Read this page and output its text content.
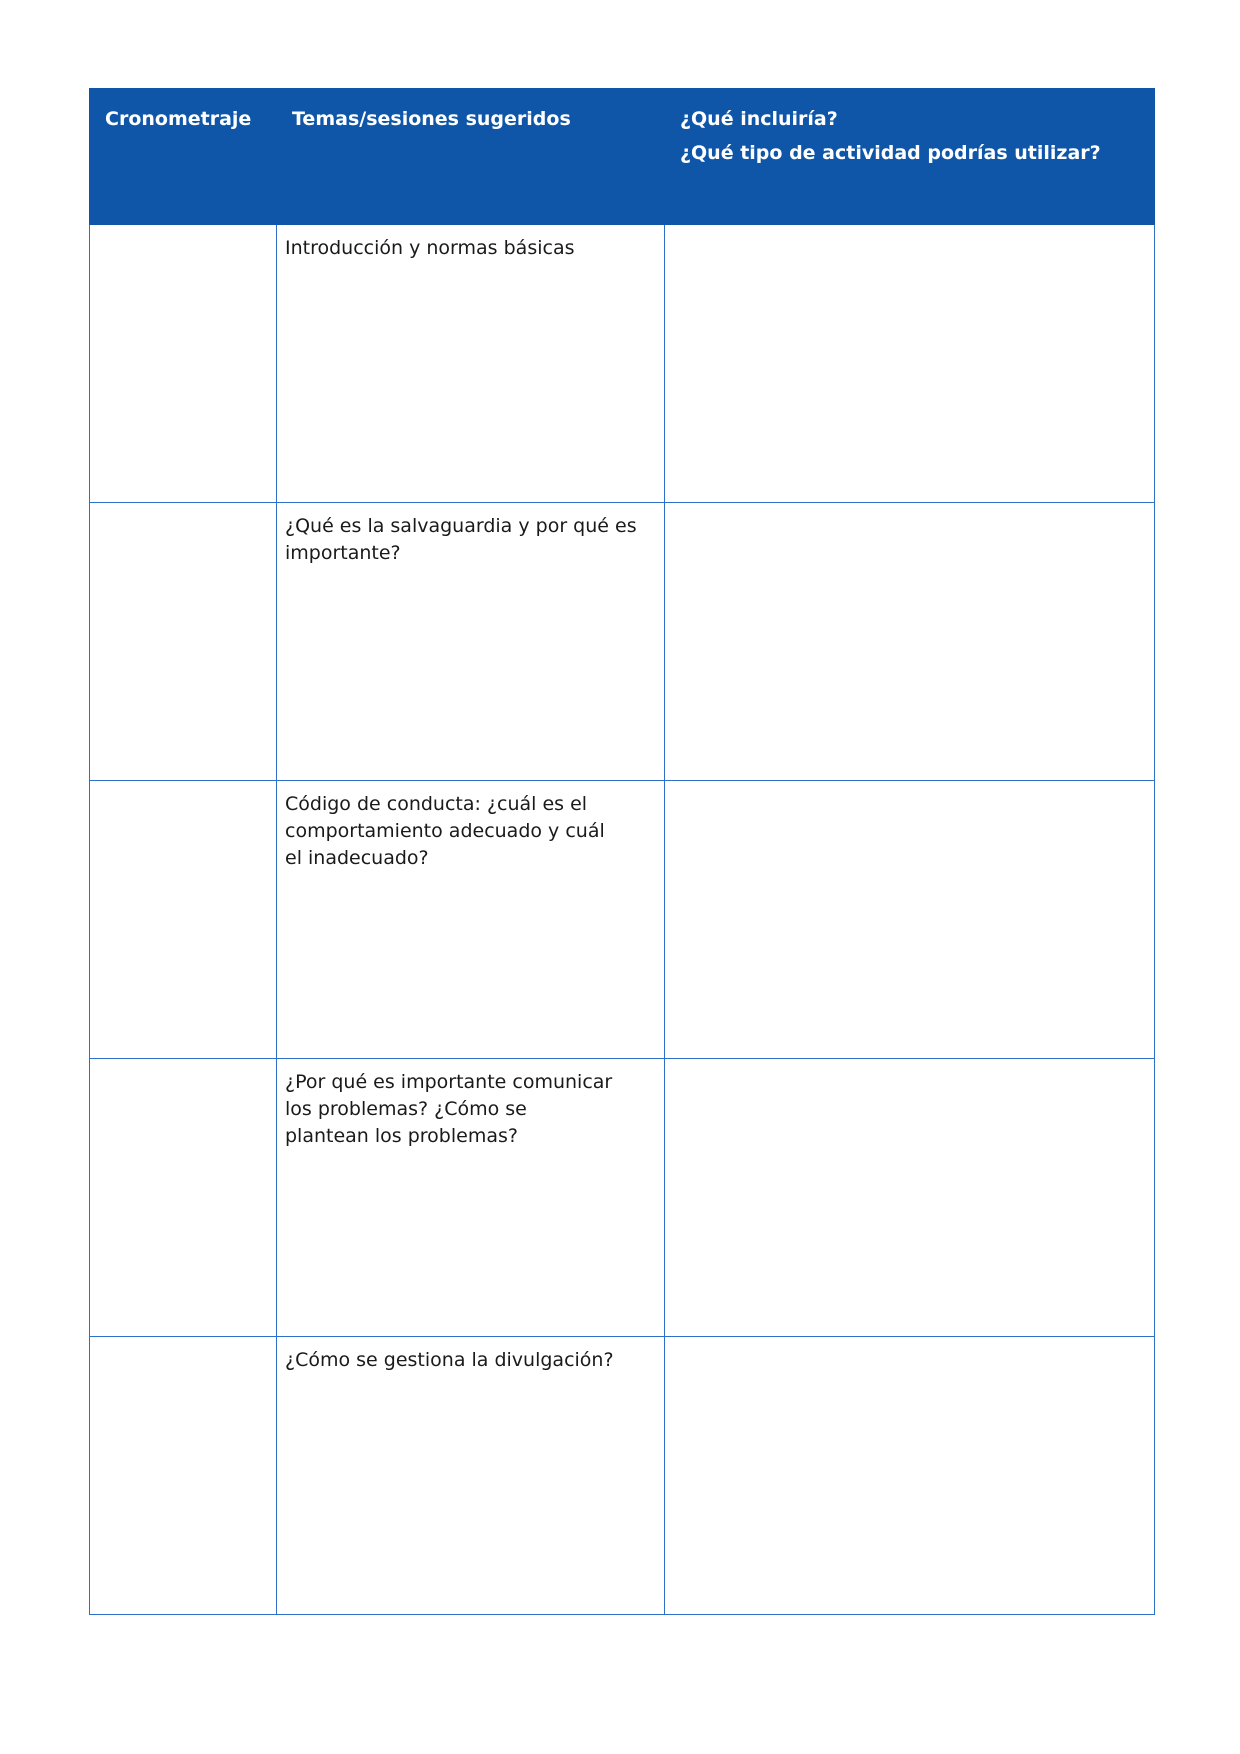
Cronometraje	Temas/sesiones sugeridos	¿Qué incluiría?
¿Qué tipo de actividad podrías utilizar?

	Introducción y normas básicas	

	¿Qué es la salvaguardia y por qué es
importante?	

	Código de conducta: ¿cuál es el
comportamiento adecuado y cuál
el inadecuado?	

	¿Por qué es importante comunicar
los problemas? ¿Cómo se
plantean los problemas?	

	¿Cómo se gestiona la divulgación?	
